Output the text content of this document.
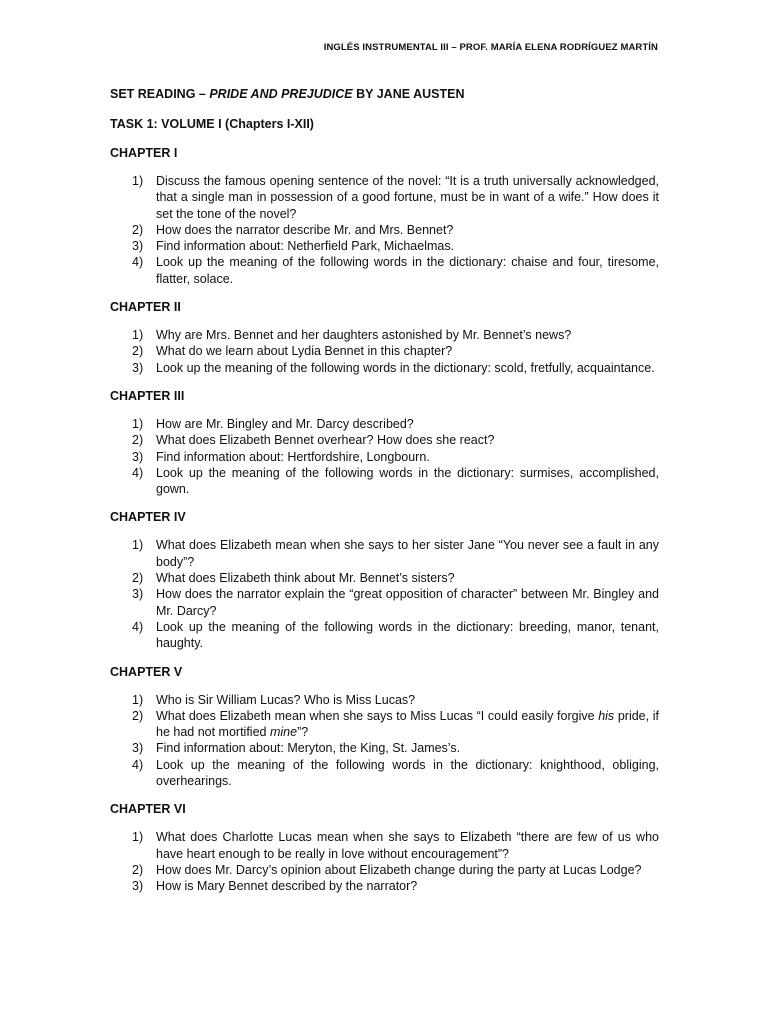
INGLÉS INSTRUMENTAL III – PROF. MARÍA ELENA RODRÍGUEZ MARTÍN
SET READING – PRIDE AND PREJUDICE BY JANE AUSTEN
TASK 1: VOLUME I (Chapters I-XII)
CHAPTER I
1)	Discuss the famous opening sentence of the novel: “It is a truth universally acknowledged, that a single man in possession of a good fortune, must be in want of a wife.” How does it set the tone of the novel?
2)	How does the narrator describe Mr. and Mrs. Bennet?
3)	Find information about: Netherfield Park, Michaelmas.
4)	Look up the meaning of the following words in the dictionary: chaise and four, tiresome, flatter, solace.
CHAPTER II
1)	Why are Mrs. Bennet and her daughters astonished by Mr. Bennet’s news?
2)	What do we learn about Lydia Bennet in this chapter?
3)	Look up the meaning of the following words in the dictionary: scold, fretfully, acquaintance.
CHAPTER III
1)	How are Mr. Bingley and Mr. Darcy described?
2)	What does Elizabeth Bennet overhear? How does she react?
3)	Find information about: Hertfordshire, Longbourn.
4)	Look up the meaning of the following words in the dictionary: surmises, accomplished, gown.
CHAPTER IV
1)	What does Elizabeth mean when she says to her sister Jane “You never see a fault in any body”?
2)	What does Elizabeth think about Mr. Bennet’s sisters?
3)	How does the narrator explain the “great opposition of character” between Mr. Bingley and Mr. Darcy?
4)	Look up the meaning of the following words in the dictionary: breeding, manor, tenant, haughty.
CHAPTER V
1)	Who is Sir William Lucas? Who is Miss Lucas?
2)	What does Elizabeth mean when she says to Miss Lucas “I could easily forgive his pride, if he had not mortified mine”?
3)	Find information about: Meryton, the King, St. James’s.
4)	Look up the meaning of the following words in the dictionary: knighthood, obliging, overhearings.
CHAPTER VI
1)	What does Charlotte Lucas mean when she says to Elizabeth “there are few of us who have heart enough to be really in love without encouragement”?
2)	How does Mr. Darcy’s opinion about Elizabeth change during the party at Lucas Lodge?
3)	How is Mary Bennet described by the narrator?
